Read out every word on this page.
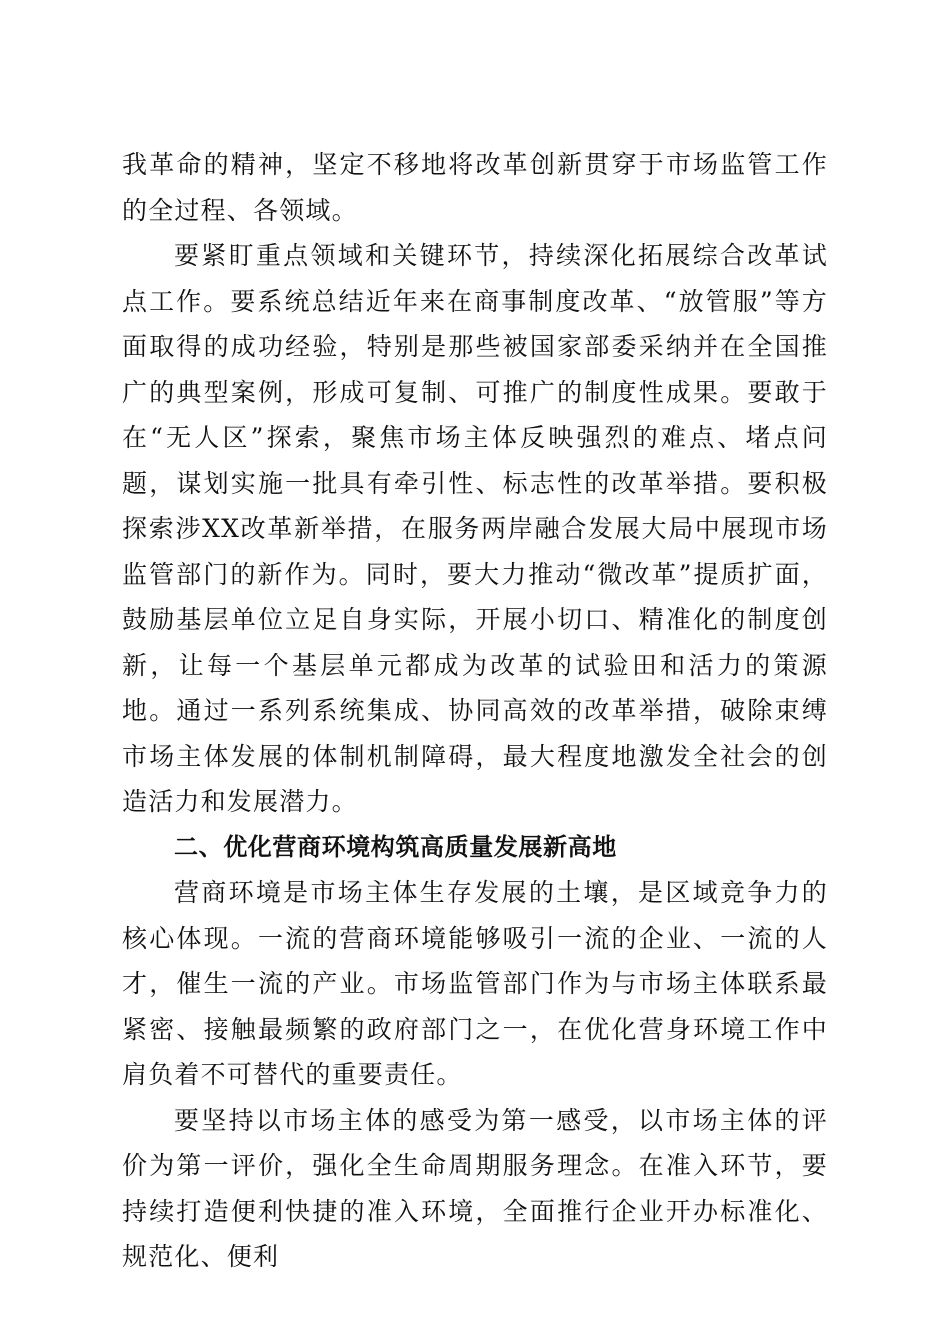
我革命的精神，坚定不移地将改革创新贯穿于市场监管工作的全过程、各领域。

要紧盯重点领域和关键环节，持续深化拓展综合改革试点工作。要系统总结近年来在商事制度改革、“放管服”等方面取得的成功经验，特别是那些被国家部委采纳并在全国推广的典型案例，形成可复制、可推广的制度性成果。要敢于在“无人区”探索，聚焦市场主体反映强烈的难点、堵点问题，谋划实施一批具有牵引性、标志性的改革举措。要积极探索涉XX改革新举措，在服务两岸融合发展大局中展现市场监管部门的新作为。同时，要大力推动“微改革”提质扩面，鼓励基层单位立足自身实际，开展小切口、精准化的制度创新，让每一个基层单元都成为改革的试验田和活力的策源地。通过一系列系统集成、协同高效的改革举措，破除束缚市场主体发展的体制机制障碍，最大程度地激发全社会的创造活力和发展潜力。

二、优化营商环境构筑高质量发展新高地

营商环境是市场主体生存发展的土壤，是区域竞争力的核心体现。一流的营商环境能够吸引一流的企业、一流的人才，催生一流的产业。市场监管部门作为与市场主体联系最紧密、接触最频繁的政府部门之一，在优化营身环境工作中肩负着不可替代的重要责任。

要坚持以市场主体的感受为第一感受，以市场主体的评价为第一评价，强化全生命周期服务理念。在准入环节，要持续打造便利快捷的准入环境，全面推行企业开办标准化、规范化、便利
